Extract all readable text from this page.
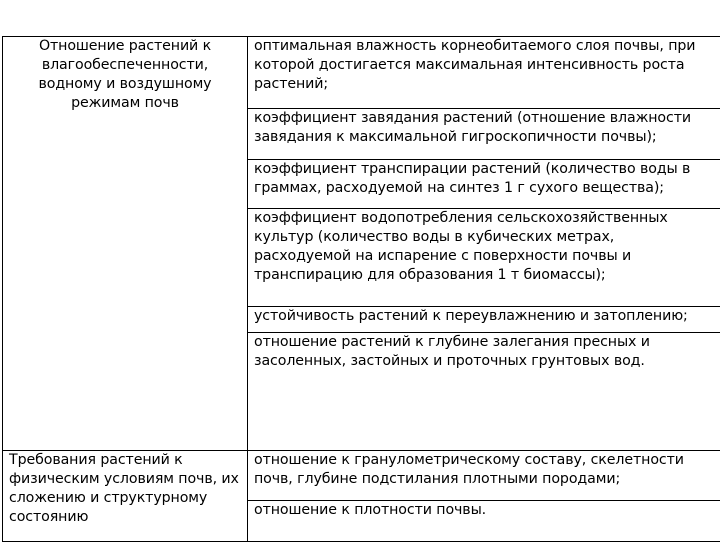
Отношение растений к влагообеспеченности, водному и воздушному режимам почв	оптимальная влажность корнеобитаемого слоя почвы, при которой достигается максимальная интенсивность роста растений;
	коэффициент завядания растений (отношение влажности завядания к максимальной гигроскопичности почвы);
	коэффициент транспирации растений (количество воды в граммах, расходуемой на синтез 1 г сухого вещества);
	коэффициент водопотребления сельскохозяйственных культур (количество воды в кубических метрах, расходуемой на испарение с поверхности почвы и транспирацию для образования 1 т биомассы);
	устойчивость растений к переувлажнению и затоплению;
	отношение растений к глубине залегания пресных и засоленных, застойных и проточных грунтовых вод.
Требования растений к физическим условиям почв, их сложению и структурному состоянию	отношение к гранулометрическому составу, скелетности почв, глубине подстилания плотными породами;
	отношение к плотности почвы.
